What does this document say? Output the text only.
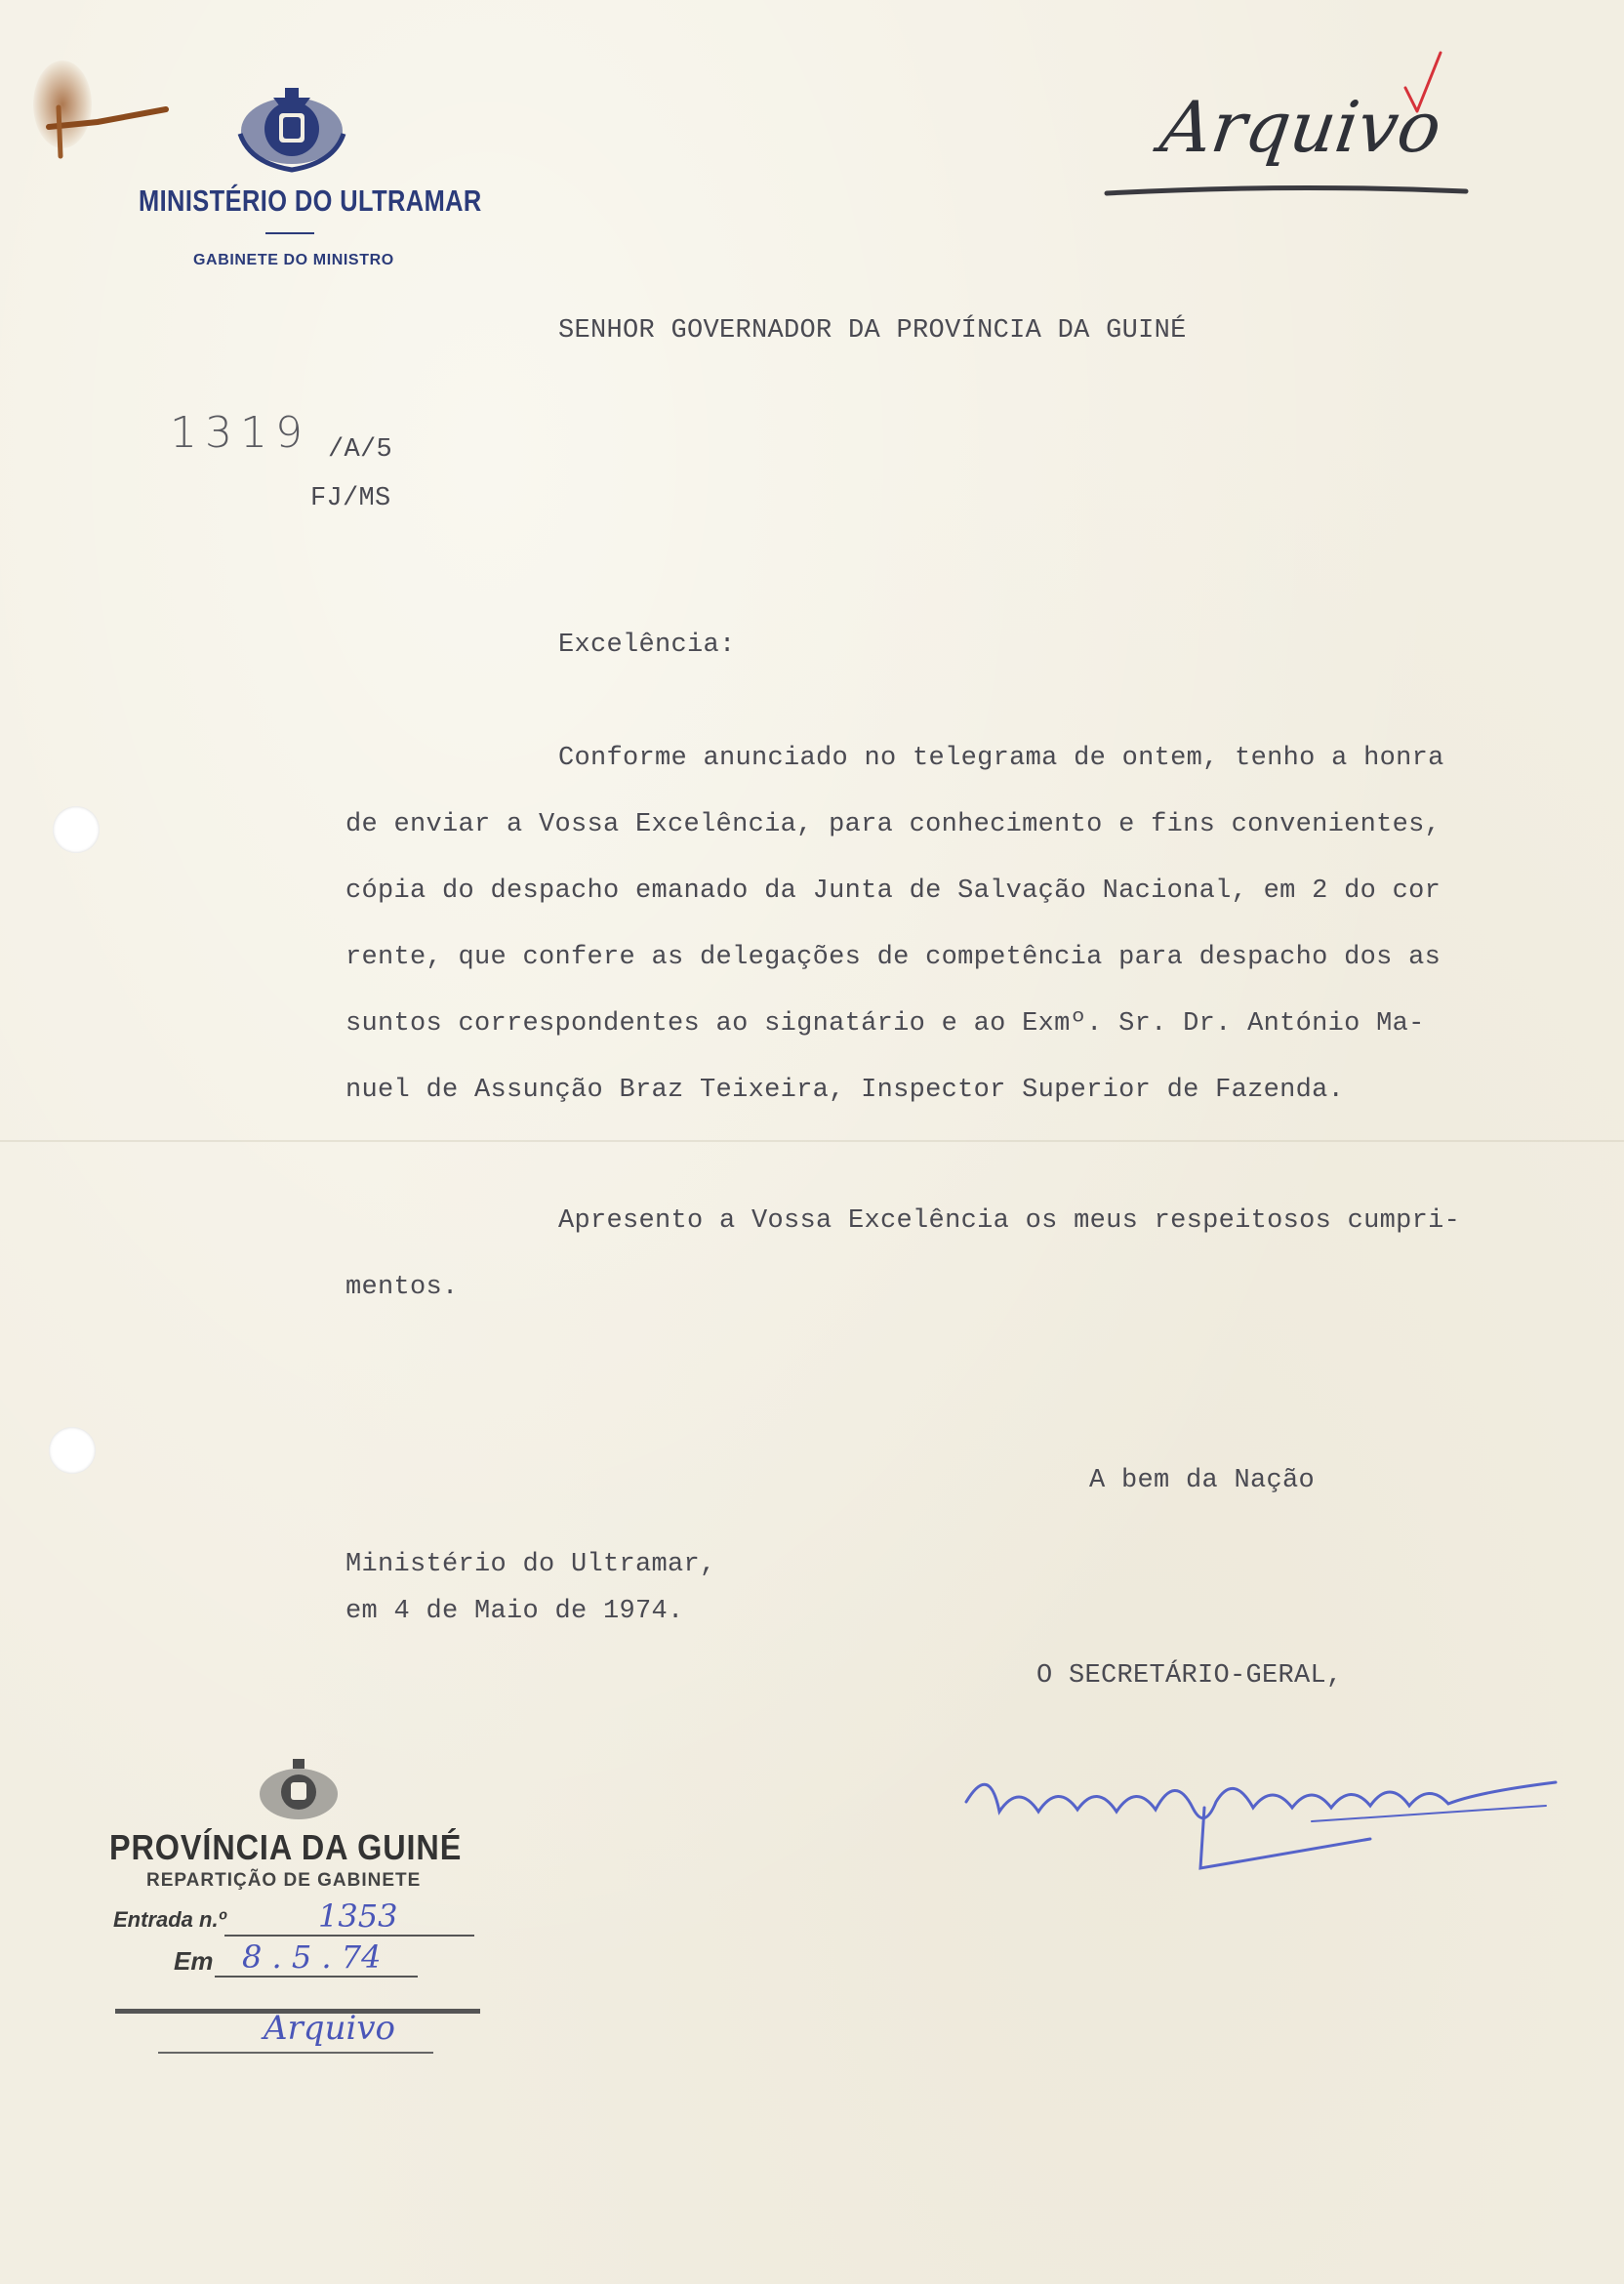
MINISTÉRIO DO ULTRAMAR
GABINETE DO MINISTRO
Arquivo
SENHOR GOVERNADOR DA PROVÍNCIA DA GUINÉ
1319 /A/5
FJ/MS
Excelência:
Conforme anunciado no telegrama de ontem, tenho a honra
de enviar a Vossa Excelência, para conhecimento e fins convenientes,
cópia do despacho emanado da Junta de Salvação Nacional, em 2 do cor
rente, que confere as delegações de competência para despacho dos as
suntos correspondentes ao signatário e ao Exmº. Sr. Dr. António Ma-
nuel de Assunção Braz Teixeira, Inspector Superior de Fazenda.
Apresento a Vossa Excelência os meus respeitosos cumpri-
mentos.
A bem da Nação
Ministério do Ultramar,
em 4 de Maio de 1974.
O SECRETÁRIO-GERAL,
PROVÍNCIA DA GUINÉ
REPARTIÇÃO DE GABINETE
Entrada n.º	1353
Em 8 . 5 . 74
Arquivo
